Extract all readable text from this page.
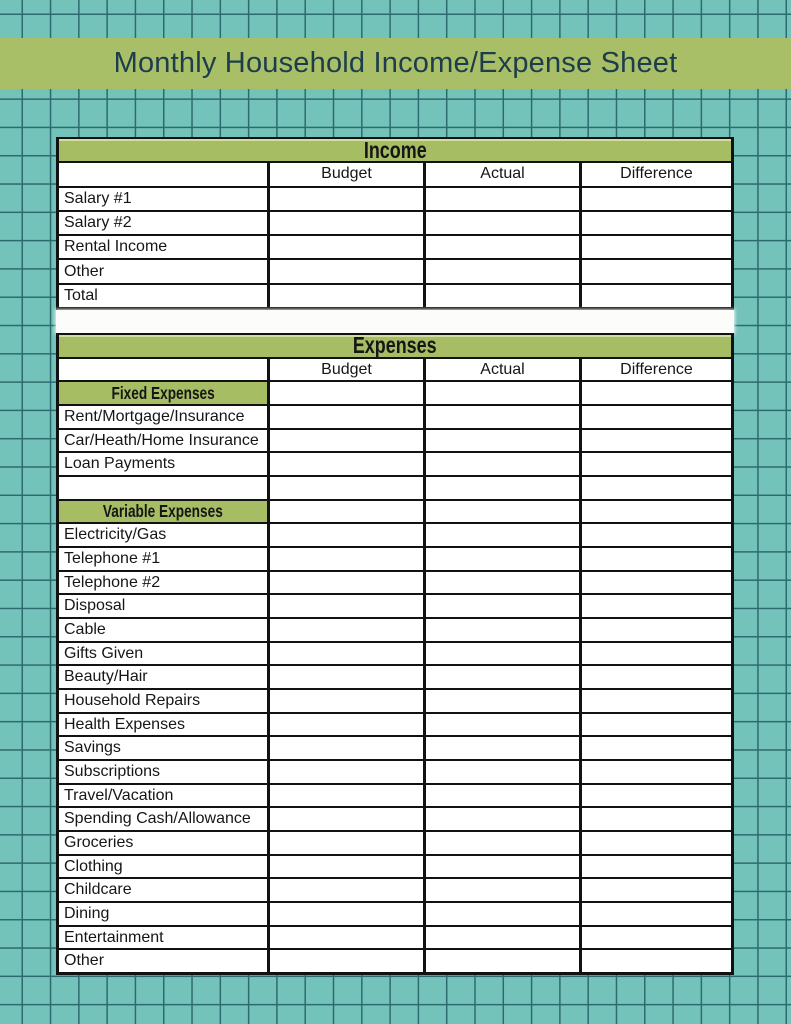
Monthly Household Income/Expense Sheet
Income
Budget	Actual	Difference
Salary #1
Salary #2
Rental Income
Other
Total
Expenses
Budget	Actual	Difference
Fixed Expenses
Rent/Mortgage/Insurance
Car/Heath/Home Insurance
Loan Payments
Variable Expenses
Electricity/Gas
Telephone #1
Telephone #2
Disposal
Cable
Gifts Given
Beauty/Hair
Household Repairs
Health Expenses
Savings
Subscriptions
Travel/Vacation
Spending Cash/Allowance
Groceries
Clothing
Childcare
Dining
Entertainment
Other
